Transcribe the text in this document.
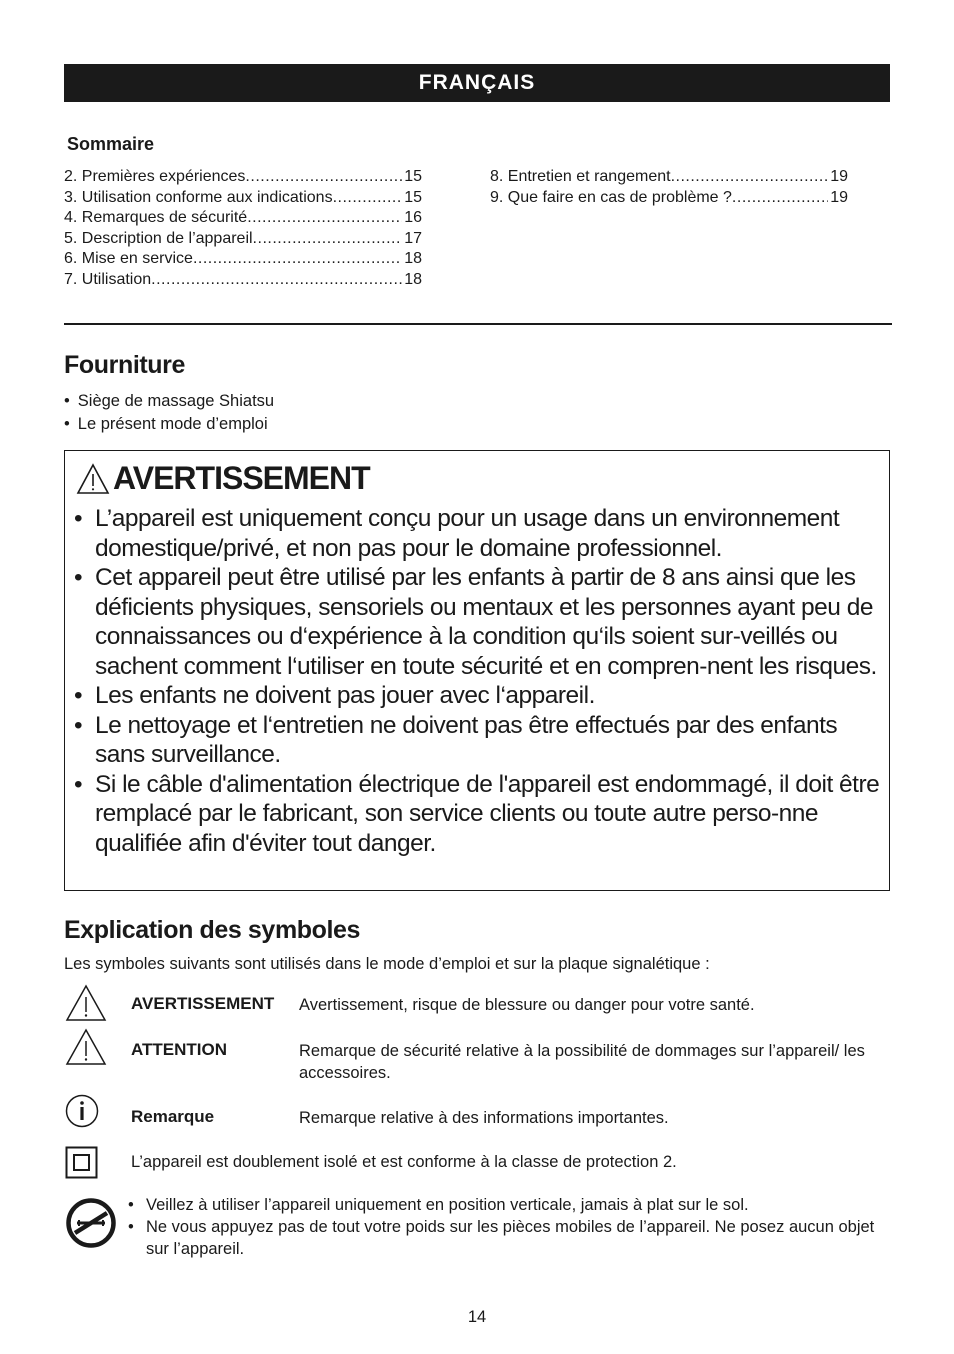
FRANÇAIS
Sommaire
2. Premières expériences .....	15
3. Utilisation conforme aux indications .....	15
4. Remarques de sécurité .....	16
5. Description de l’appareil .....	17
6. Mise en service .....	18
7. Utilisation .....	18
8. Entretien et rangement .....	19
9. Que faire en cas de problème ? .....	19
Fourniture
• Siège de massage Shiatsu
• Le présent mode d’emploi
AVERTISSEMENT
• L’appareil est uniquement conçu pour un usage dans un environnement domestique/privé, et non pas pour le domaine professionnel.
• Cet appareil peut être utilisé par les enfants à partir de 8 ans ainsi que les déficients physiques, sensoriels ou mentaux et les personnes ayant peu de connaissances ou d‘expérience à la condition qu‘ils soient sur-veillés ou sachent comment l‘utiliser en toute sécurité et en compren-nent les risques.
• Les enfants ne doivent pas jouer avec l‘appareil.
• Le nettoyage et l‘entretien ne doivent pas être effectués par des enfants sans surveillance.
• Si le câble d'alimentation électrique de l'appareil est endommagé, il doit être remplacé par le fabricant, son service clients ou toute autre perso-nne qualifiée afin d'éviter tout danger.
Explication des symboles
Les symboles suivants sont utilisés dans le mode d’emploi et sur la plaque signalétique :
AVERTISSEMENT Avertissement, risque de blessure ou danger pour votre santé.
ATTENTION	Remarque de sécurité relative à la possibilité de dommages sur l’appareil/ les accessoires.
Remarque	Remarque relative à des informations importantes.
L’appareil est doublement isolé et est conforme à la classe de protection 2.
• Veillez à utiliser l’appareil uniquement en position verticale, jamais à plat sur le sol.
• Ne vous appuyez pas de tout votre poids sur les pièces mobiles de l’appareil. Ne posez aucun objet sur l’appareil.
14
